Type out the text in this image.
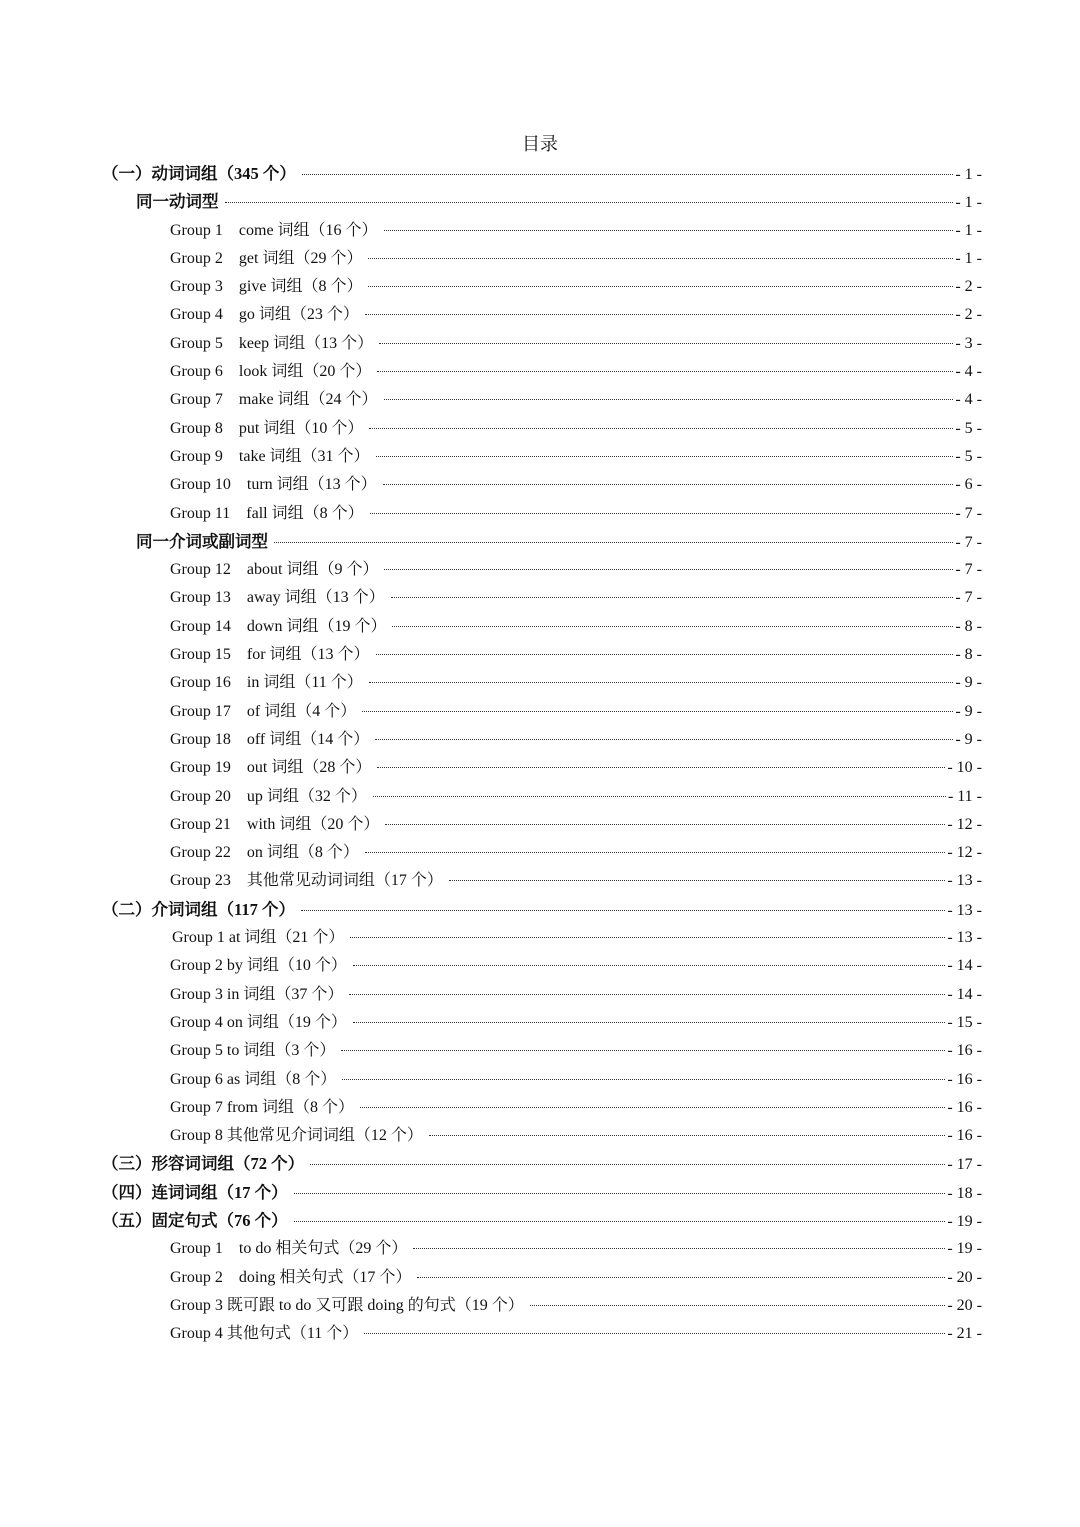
目录
（一）动词词组（345 个）	- 1 -
同一动词型	- 1 -
Group 1 come 词组（16 个）	- 1 -
Group 2 get 词组（29 个）	- 1 -
Group 3 give 词组（8 个）	- 2 -
Group 4 go 词组（23 个）	- 2 -
Group 5 keep 词组（13 个）	- 3 -
Group 6 look 词组（20 个）	- 4 -
Group 7 make 词组（24 个）	- 4 -
Group 8 put 词组（10 个）	- 5 -
Group 9 take 词组（31 个）	- 5 -
Group 10 turn 词组（13 个）	- 6 -
Group 11 fall 词组（8 个）	- 7 -
同一介词或副词型	- 7 -
Group 12 about 词组（9 个）	- 7 -
Group 13 away 词组（13 个）	- 7 -
Group 14 down 词组（19 个）	- 8 -
Group 15 for 词组（13 个）	- 8 -
Group 16 in 词组（11 个）	- 9 -
Group 17 of 词组（4 个）	- 9 -
Group 18 off 词组（14 个）	- 9 -
Group 19 out 词组（28 个）	- 10 -
Group 20 up 词组（32 个）	- 11 -
Group 21 with 词组（20 个）	- 12 -
Group 22 on 词组（8 个）	- 12 -
Group 23 其他常见动词词组（17 个）	- 13 -
（二）介词词组（117 个）	- 13 -
Group 1 at 词组（21 个）	- 13 -
Group 2 by 词组（10 个）	- 14 -
Group 3 in 词组（37 个）	- 14 -
Group 4 on 词组（19 个）	- 15 -
Group 5 to 词组（3 个）	- 16 -
Group 6 as 词组（8 个）	- 16 -
Group 7 from 词组（8 个）	- 16 -
Group 8 其他常见介词词组（12 个）	- 16 -
（三）形容词词组（72 个）	- 17 -
（四）连词词组（17 个）	- 18 -
（五）固定句式（76 个）	- 19 -
Group 1 to do 相关句式（29 个）	- 19 -
Group 2 doing 相关句式（17 个）	- 20 -
Group 3 既可跟 to do 又可跟 doing 的句式（19 个）	- 20 -
Group 4 其他句式（11 个）	- 21 -
